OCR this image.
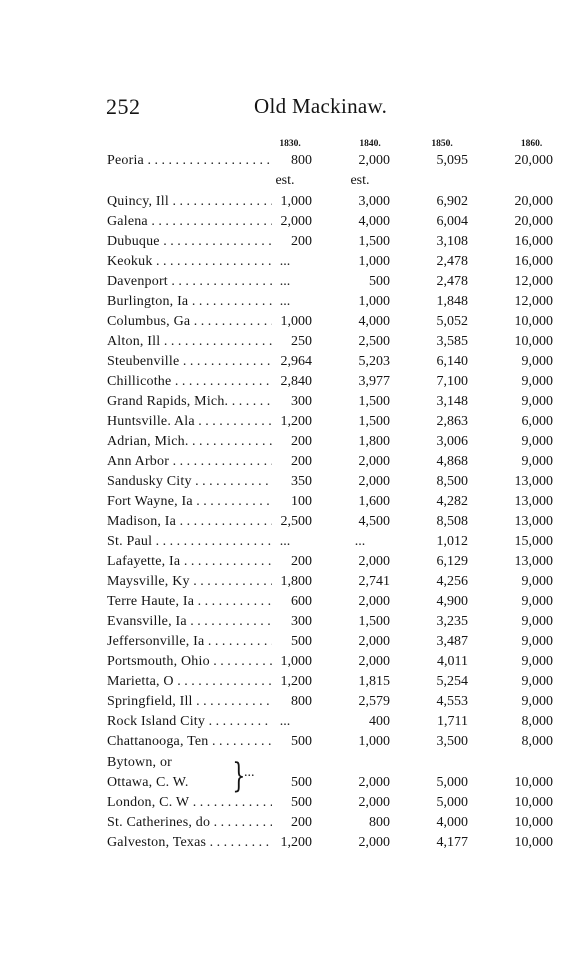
252	Old Mackinaw.
1830.	1840.	1850.	1860.
Peoria . . .	800	2,000	5,095	20,000
est.	est.
Quincy, Ill . . .	1,000	3,000	6,902	20,000
Galena . . .	2,000	4,000	6,004	20,000
Dubuque . . .	200	1,500	3,108	16,000
Keokuk . . .	...	1,000	2,478	16,000
Davenport . . .	...	500	2,478	12,000
Burlington, Ia . . .	...	1,000	1,848	12,000
Columbus, Ga . . .	1,000	4,000	5,052	10,000
Alton, Ill . . .	250	2,500	3,585	10,000
Steubenville . . .	2,964	5,203	6,140	9,000
Chillicothe . . .	2,840	3,977	7,100	9,000
Grand Rapids, Mich. . . .	300	1,500	3,148	9,000
Huntsville. Ala . . .	1,200	1,500	2,863	6,000
Adrian, Mich. . . .	200	1,800	3,006	9,000
Ann Arbor . . .	200	2,000	4,868	9,000
Sandusky City . . .	350	2,000	8,500	13,000
Fort Wayne, Ia . . .	100	1,600	4,282	13,000
Madison, Ia . . .	2,500	4,500	8,508	13,000
St. Paul . . .	...	...	1,012	15,000
Lafayette, Ia . . .	200	2,000	6,129	13,000
Maysville, Ky . . .	1,800	2,741	4,256	9,000
Terre Haute, Ia . . .	600	2,000	4,900	9,000
Evansville, Ia . . .	300	1,500	3,235	9,000
Jeffersonville, Ia . . .	500	2,000	3,487	9,000
Portsmouth, Ohio . . .	1,000	2,000	4,011	9,000
Marietta, O . . .	1,200	1,815	5,254	9,000
Springfield, Ill . . .	800	2,579	4,553	9,000
Rock Island City . . .	...	400	1,711	8,000
Chattanooga, Ten . . .	500	1,000	3,500	8,000
Bytown, or
Ottawa, C. W.	500	2,000	5,000	10,000
London, C. W . . .	500	2,000	5,000	10,000
St. Catherines, do . . .	200	800	4,000	10,000
Galveston, Texas . . .	1,200	2,000	4,177	10,000
}
...
